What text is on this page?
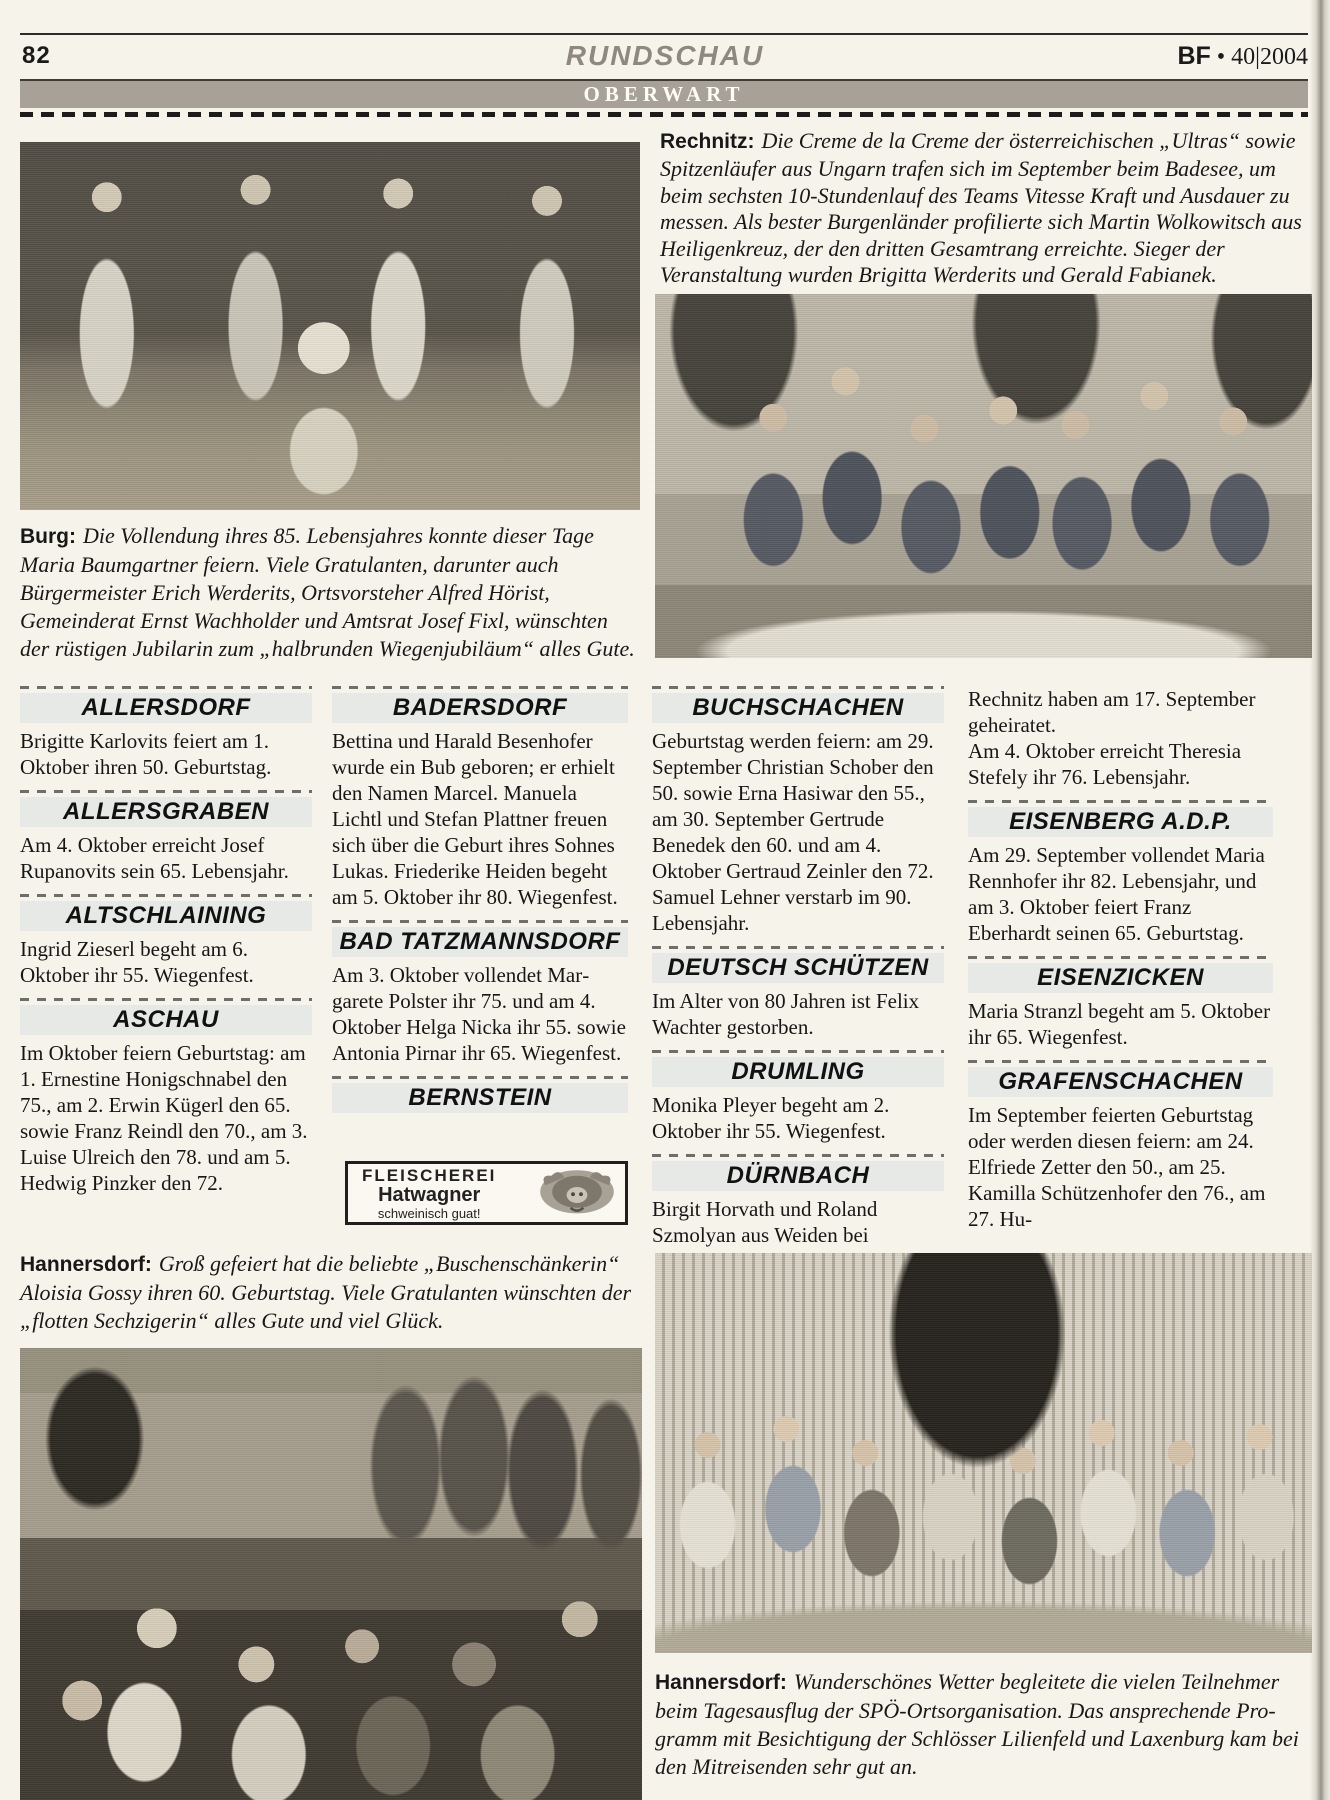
82	RUNDSCHAU	BF • 40|2004
OBERWART
Burg: Die Vollendung ihres 85. Lebensjahres konnte dieser Tage Maria Baumgartner feiern. Viele Gratulanten, darunter auch Bürgermeister Erich Werderits, Ortsvorsteher Alfred Hörist, Gemeinderat Ernst Wachholder und Amtsrat Josef Fixl, wünschten der rüstigen Jubilarin zum „halbrunden Wiegenjubiläum“ alles Gute.
Rechnitz: Die Creme de la Creme der österreichischen „Ultras“ sowie Spitzenläufer aus Ungarn trafen sich im September beim Badesee, um beim sechsten 10-Stundenlauf des Teams Vitesse Kraft und Ausdauer zu messen. Als bester Burgenländer profilierte sich Martin Wolkowitsch aus Heiligenkreuz, der den dritten Gesamtrang erreichte. Sieger der Veranstaltung wurden Brigitta Werderits und Gerald Fabianek.
ALLERSDORF

Brigitte Karlovits feiert am 1. Oktober ihren 50. Geburtstag.

ALLERSGRABEN

Am 4. Oktober erreicht Josef Rupanovits sein 65. Lebensjahr.

ALTSCHLAINING

Ingrid Zieserl begeht am 6. Oktober ihr 55. Wiegenfest.

ASCHAU

Im Oktober feiern Geburtstag: am 1. Ernestine Honigschnabel den 75., am 2. Erwin Kügerl den 65. sowie Franz Reindl den 70., am 3. Luise Ulreich den 78. und am 5. Hedwig Pinzker den 72.

BADERSDORF

Bettina und Harald Besenhofer wurde ein Bub geboren; er erhielt den Namen Marcel. Manuela Lichtl und Stefan Plattner freuen sich über die Geburt ihres Sohnes Lukas. Friederike Heiden begeht am 5. Oktober ihr 80. Wiegenfest.

BAD TATZMANNSDORF

Am 3. Oktober vollendet Margarete Polster ihr 75. und am 4. Oktober Helga Nicka ihr 55. sowie Antonia Pirnar ihr 65. Wiegenfest.

BERNSTEIN
BUCHSCHACHEN

Geburtstag werden feiern: am 29. September Christian Schober den 50. sowie Erna Hasiwar den 55., am 30. September Gertrude Benedek den 60. und am 4. Oktober Gertraud Zeinler den 72.

Samuel Lehner verstarb im 90. Lebensjahr.

DEUTSCH SCHÜTZEN

Im Alter von 80 Jahren ist Felix Wachter gestorben.

DRUMLING

Monika Pleyer begeht am 2. Oktober ihr 55. Wiegenfest.

DÜRNBACH

Birgit Horvath und Roland Szmolyan aus Weiden bei

Rechnitz haben am 17. September geheiratet.

Am 4. Oktober erreicht Theresia Stefely ihr 76. Lebensjahr.

EISENBERG A.D.P.

Am 29. September vollendet Maria Rennhofer ihr 82. Lebensjahr, und am 3. Oktober feiert Franz Eberhardt seinen 65. Geburtstag.

EISENZICKEN

Maria Stranzl begeht am 5. Oktober ihr 65. Wiegenfest.

GRAFENSCHACHEN

Im September feierten Geburtstag oder werden diesen feiern: am 24. Elfriede Zetter den 50., am 25. Kamilla Schützenhofer den 76., am 27. Hu-

FLEISCHEREI
Hatwagner
schweinisch guat!
Hannersdorf: Groß gefeiert hat die beliebte „Buschenschänkerin“ Aloisia Gossy ihren 60. Geburtstag. Viele Gratulanten wünschten der „flotten Sechzigerin“ alles Gute und viel Glück.
Hannersdorf: Wunderschönes Wetter begleitete die vielen Teilnehmer beim Tagesausflug der SPÖ-Ortsorganisation. Das ansprechende Programm mit Besichtigung der Schlösser Lilienfeld und Laxenburg kam bei den Mitreisenden sehr gut an.
